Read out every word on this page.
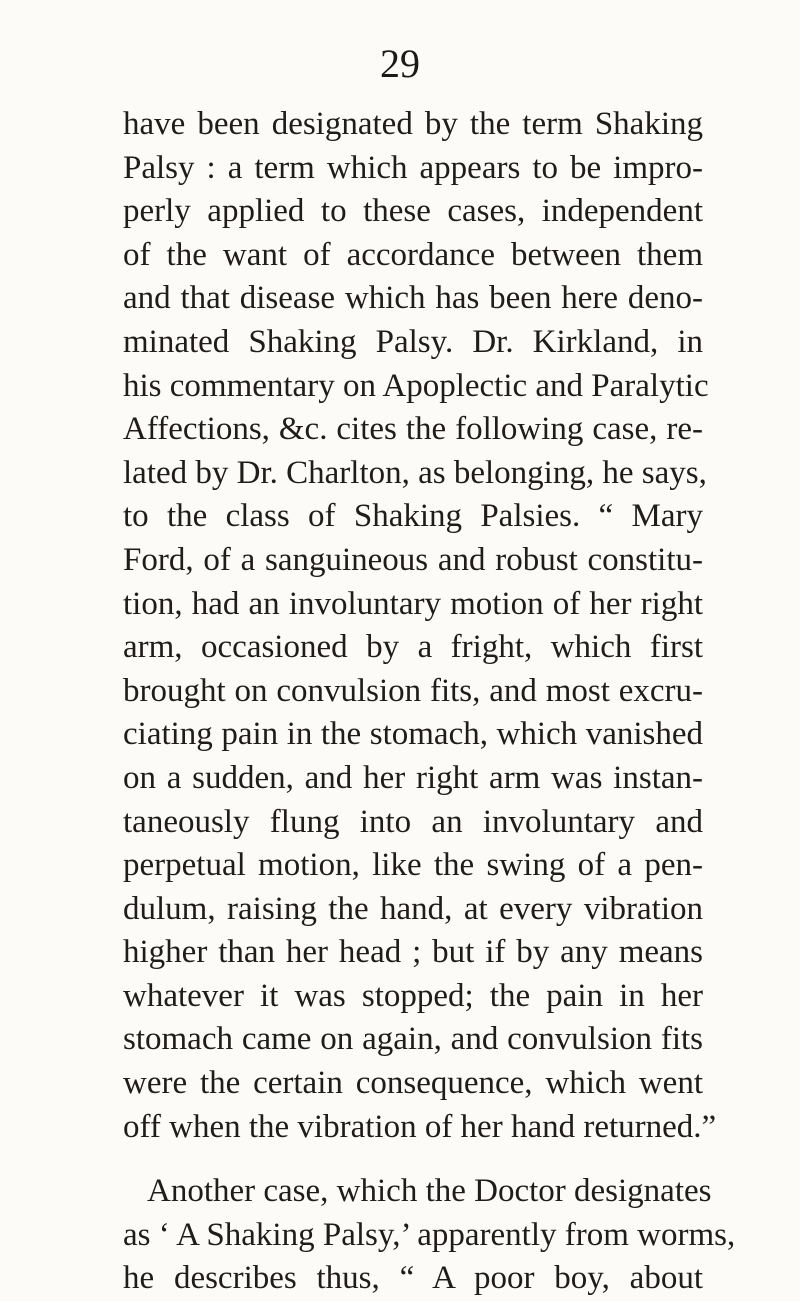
29
have been designated by the term Shaking
Palsy : a term which appears to be impro-
perly applied to these cases, independent
of the want of accordance between them
and that disease which has been here deno-
minated Shaking Palsy. Dr. Kirkland, in
his commentary on Apoplectic and Paralytic
Affections, &c. cites the following case, re-
lated by Dr. Charlton, as belonging, he says,
to the class of Shaking Palsies. “ Mary
Ford, of a sanguineous and robust constitu-
tion, had an involuntary motion of her right
arm, occasioned by a fright, which first
brought on convulsion fits, and most excru-
ciating pain in the stomach, which vanished
on a sudden, and her right arm was instan-
taneously flung into an involuntary and
perpetual motion, like the swing of a pen-
dulum, raising the hand, at every vibration
higher than her head ; but if by any means
whatever it was stopped; the pain in her
stomach came on again, and convulsion fits
were the certain consequence, which went
off when the vibration of her hand returned.”
Another case, which the Doctor designates
as ‘ A Shaking Palsy,’ apparently from worms,
he describes thus, “ A poor boy, about
